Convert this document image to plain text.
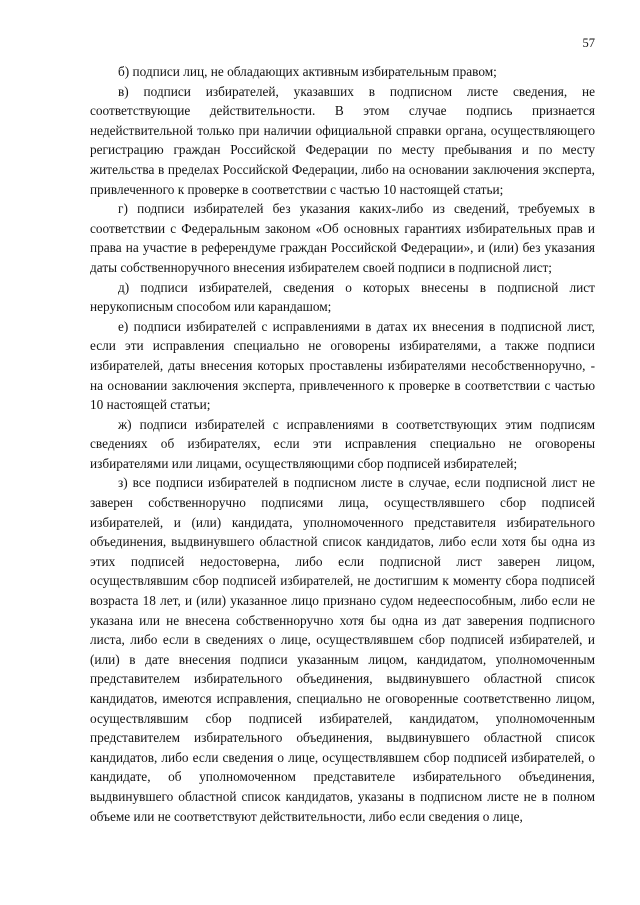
57

б) подписи лиц, не обладающих активным избирательным правом;

в) подписи избирателей, указавших в подписном листе сведения, не соответствующие действительности. В этом случае подпись признается недействительной только при наличии официальной справки органа, осуществляющего регистрацию граждан Российской Федерации по месту пребывания и по месту жительства в пределах Российской Федерации, либо на основании заключения эксперта, привлеченного к проверке в соответствии с частью 10 настоящей статьи;

г) подписи избирателей без указания каких-либо из сведений, требуемых в соответствии с Федеральным законом «Об основных гарантиях избирательных прав и права на участие в референдуме граждан Российской Федерации», и (или) без указания даты собственноручного внесения избирателем своей подписи в подписной лист;

д) подписи избирателей, сведения о которых внесены в подписной лист нерукописным способом или карандашом;

е) подписи избирателей с исправлениями в датах их внесения в подписной лист, если эти исправления специально не оговорены избирателями, а также подписи избирателей, даты внесения которых проставлены избирателями несобственноручно, - на основании заключения эксперта, привлеченного к проверке в соответствии с частью 10 настоящей статьи;

ж) подписи избирателей с исправлениями в соответствующих этим подписям сведениях об избирателях, если эти исправления специально не оговорены избирателями или лицами, осуществляющими сбор подписей избирателей;

з) все подписи избирателей в подписном листе в случае, если подписной лист не заверен собственноручно подписями лица, осуществлявшего сбор подписей избирателей, и (или) кандидата, уполномоченного представителя избирательного объединения, выдвинувшего областной список кандидатов, либо если хотя бы одна из этих подписей недостоверна, либо если подписной лист заверен лицом, осуществлявшим сбор подписей избирателей, не достигшим к моменту сбора подписей возраста 18 лет, и (или) указанное лицо признано судом недееспособным, либо если не указана или не внесена собственноручно хотя бы одна из дат заверения подписного листа, либо если в сведениях о лице, осуществлявшем сбор подписей избирателей, и (или) в дате внесения подписи указанным лицом, кандидатом, уполномоченным представителем избирательного объединения, выдвинувшего областной список кандидатов, имеются исправления, специально не оговоренные соответственно лицом, осуществлявшим сбор подписей избирателей, кандидатом, уполномоченным представителем избирательного объединения, выдвинувшего областной список кандидатов, либо если сведения о лице, осуществлявшем сбор подписей избирателей, о кандидате, об уполномоченном представителе избирательного объединения, выдвинувшего областной список кандидатов, указаны в подписном листе не в полном объеме или не соответствуют действительности, либо если сведения о лице,
